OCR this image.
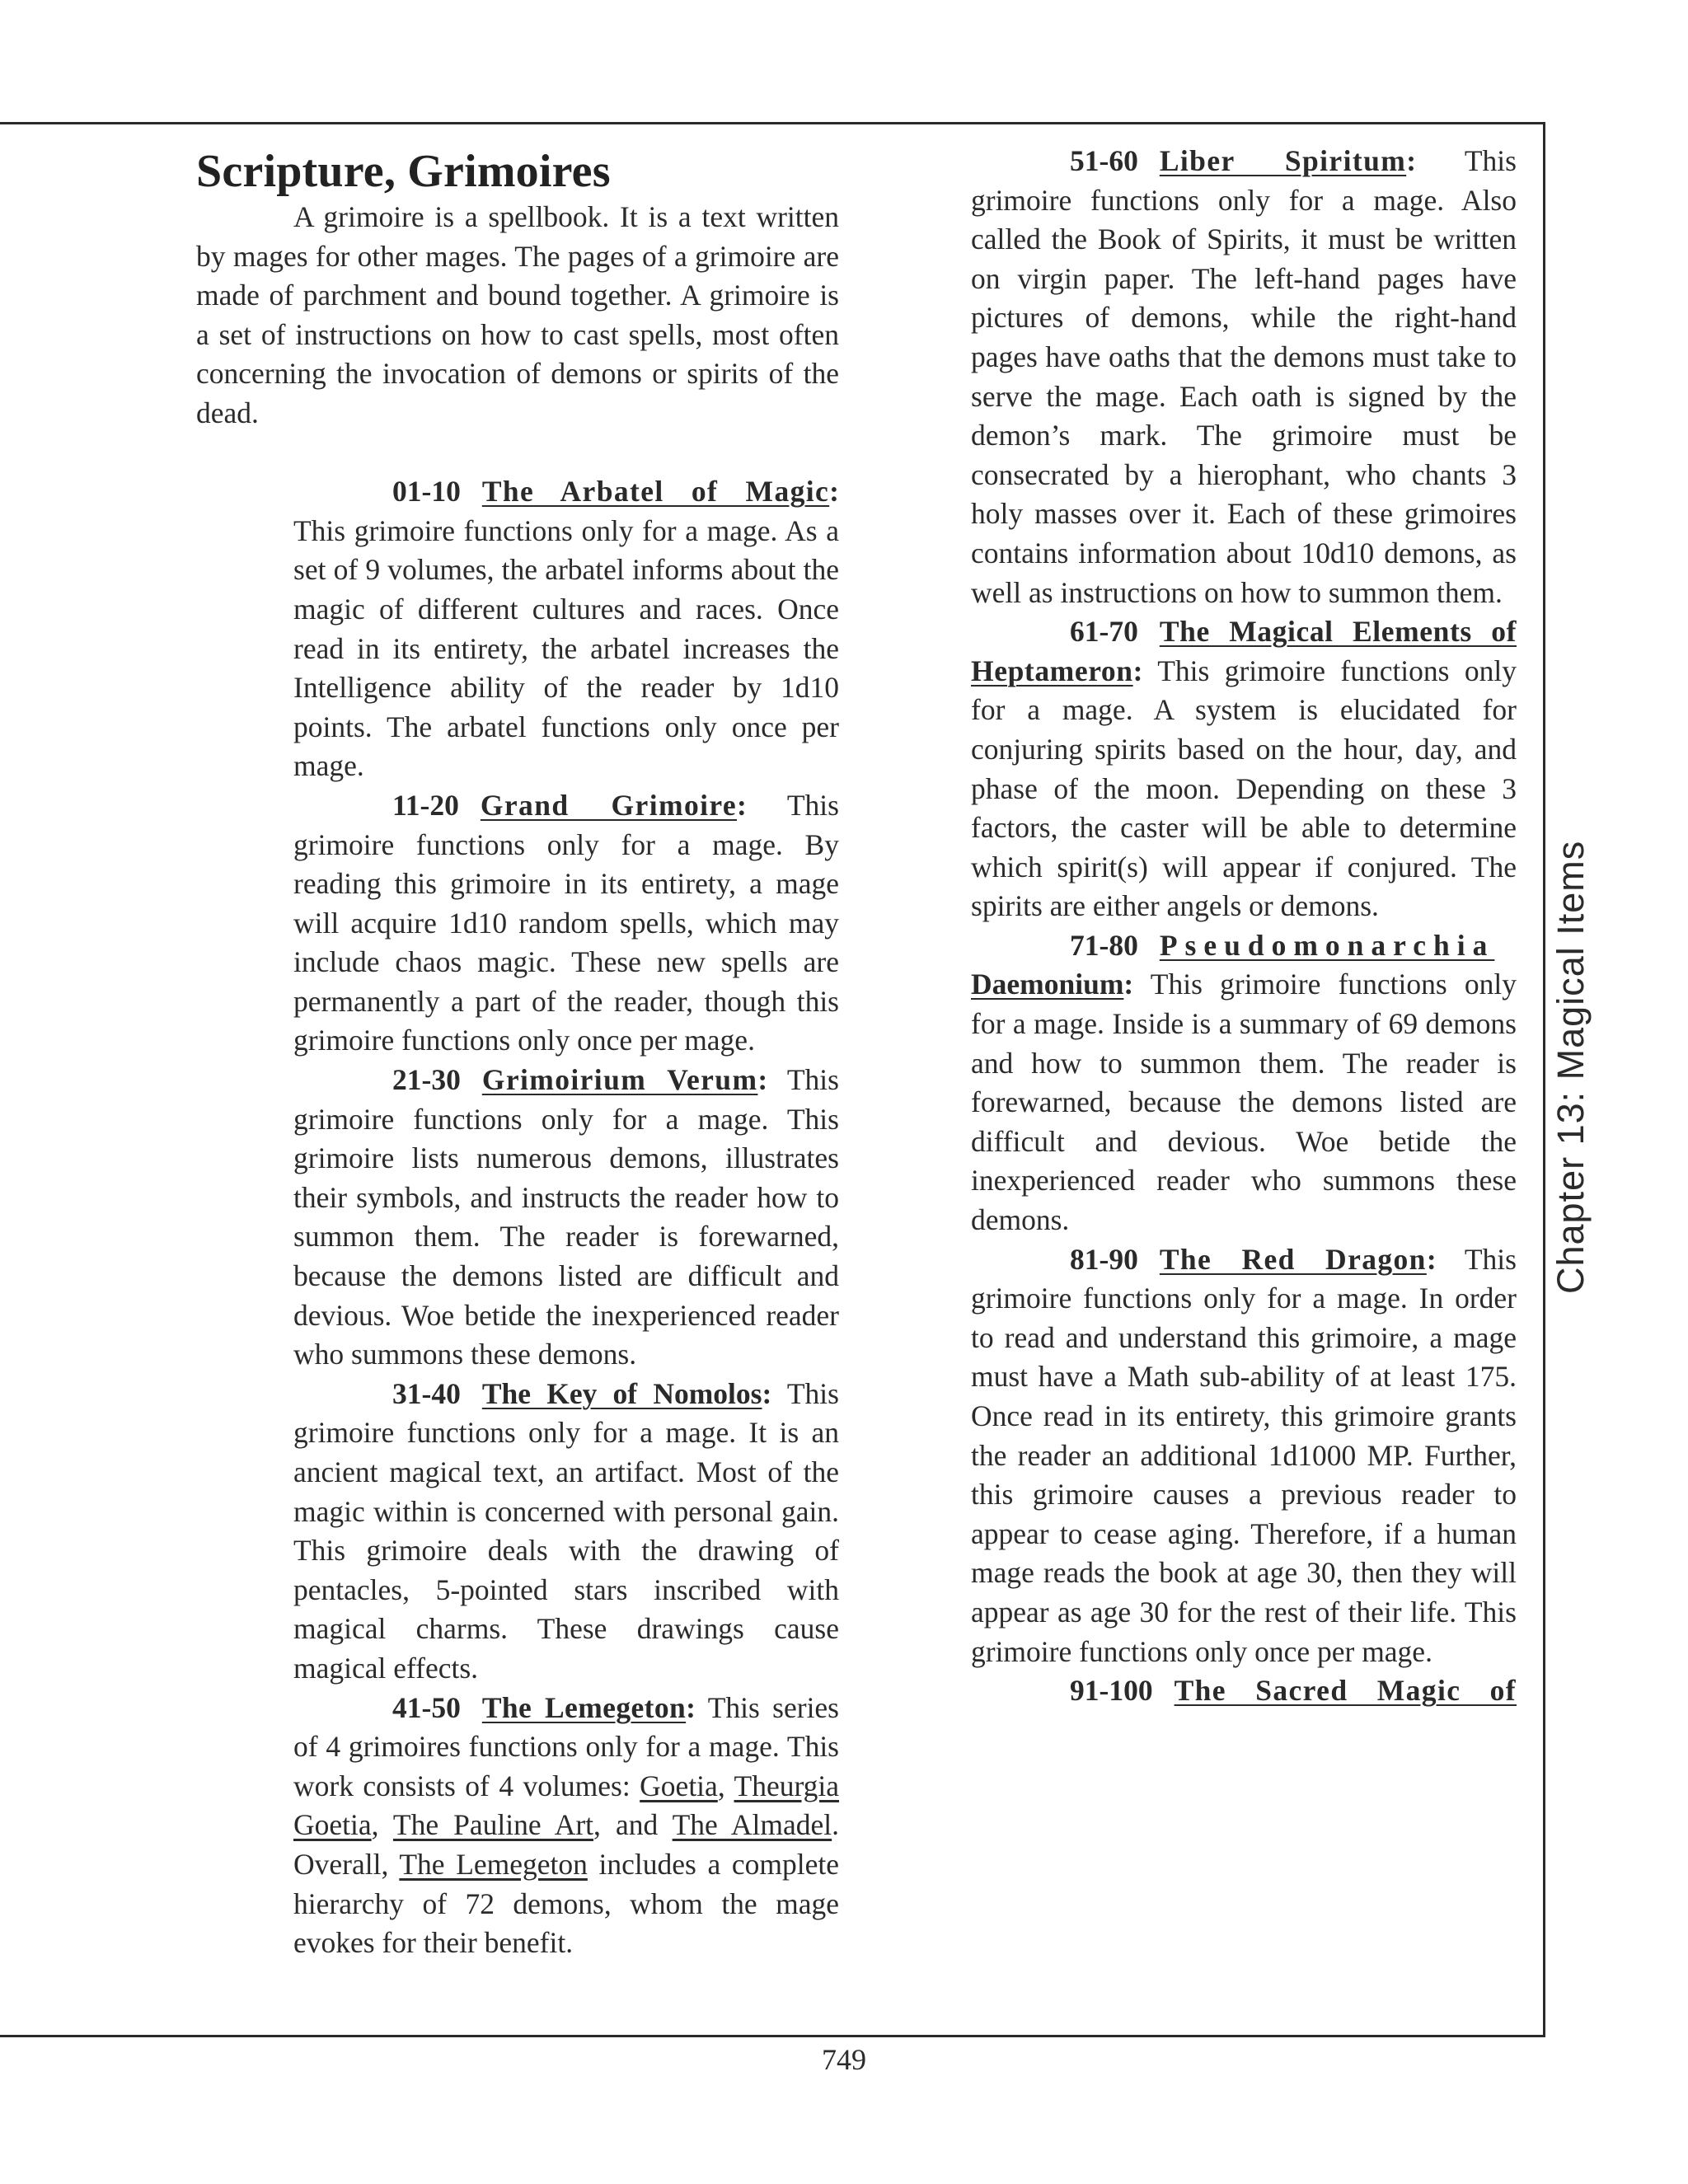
Scripture, Grimoires

A grimoire is a spellbook. It is a text written by mages for other mages. The pages of a grimoire are made of parchment and bound together. A grimoire is a set of instructions on how to cast spells, most often concerning the invocation of demons or spirits of the dead.

01-10 The Arbatel of Magic: This grimoire functions only for a mage. As a set of 9 volumes, the arbatel informs about the magic of different cultures and races. Once read in its entirety, the arbatel increases the Intelligence ability of the reader by 1d10 points. The arbatel functions only once per mage.

11-20 Grand Grimoire: This grimoire functions only for a mage. By reading this grimoire in its entirety, a mage will acquire 1d10 random spells, which may include chaos magic. These new spells are permanently a part of the reader, though this grimoire functions only once per mage.

21-30 Grimoirium Verum: This grimoire functions only for a mage. This grimoire lists numerous demons, illustrates their symbols, and instructs the reader how to summon them. The reader is forewarned, because the demons listed are difficult and devious. Woe betide the inexperienced reader who summons these demons.

31-40 The Key of Nomolos: This grimoire functions only for a mage. It is an ancient magical text, an artifact. Most of the magic within is concerned with personal gain. This grimoire deals with the drawing of pentacles, 5-pointed stars inscribed with magical charms. These drawings cause magical effects.

41-50 The Lemegeton: This series of 4 grimoires functions only for a mage. This work consists of 4 volumes: Goetia, Theurgia Goetia, The Pauline Art, and The Almadel. Overall, The Lemegeton includes a complete hierarchy of 72 demons, whom the mage evokes for their benefit.

51-60 Liber Spiritum: This grimoire functions only for a mage. Also called the Book of Spirits, it must be written on virgin paper. The left-hand pages have pictures of demons, while the right-hand pages have oaths that the demons must take to serve the mage. Each oath is signed by the demon’s mark. The grimoire must be consecrated by a hierophant, who chants 3 holy masses over it. Each of these grimoires contains information about 10d10 demons, as well as instructions on how to summon them.

61-70 The Magical Elements of Heptameron: This grimoire functions only for a mage. A system is elucidated for conjuring spirits based on the hour, day, and phase of the moon. Depending on these 3 factors, the caster will be able to determine which spirit(s) will appear if conjured. The spirits are either angels or demons.

71-80 Pseudomonarchia Daemonium: This grimoire functions only for a mage. Inside is a summary of 69 demons and how to summon them. The reader is forewarned, because the demons listed are difficult and devious. Woe betide the inexperienced reader who summons these demons.

81-90 The Red Dragon: This grimoire functions only for a mage. In order to read and understand this grimoire, a mage must have a Math sub-ability of at least 175. Once read in its entirety, this grimoire grants the reader an additional 1d1000 MP. Further, this grimoire causes a previous reader to appear to cease aging. Therefore, if a human mage reads the book at age 30, then they will appear as age 30 for the rest of their life. This grimoire functions only once per mage.

91-100 The Sacred Magic of

Chapter 13: Magical Items
749
